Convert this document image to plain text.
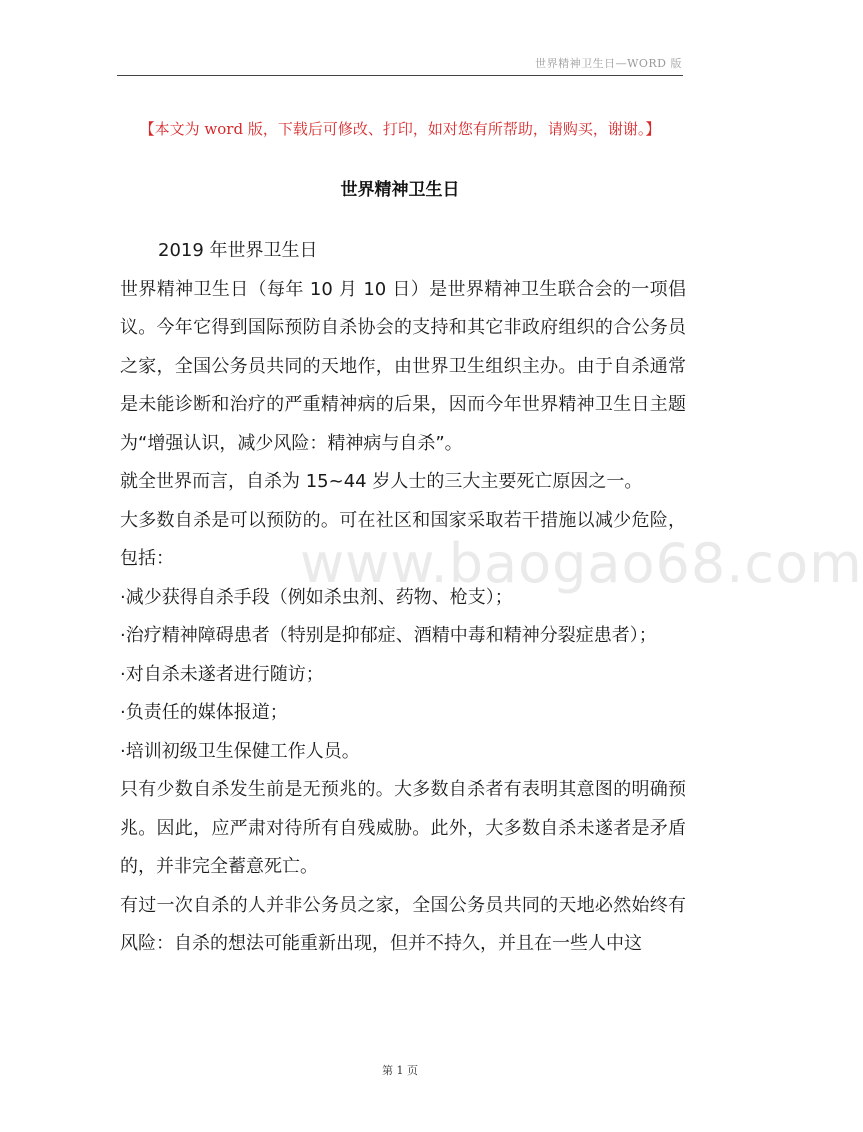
世界精神卫生日—WORD 版
【本文为 word 版，下载后可修改、打印，如对您有所帮助，请购买，谢谢。】
世界精神卫生日
www.baogao68.com

2019 年世界卫生日

世界精神卫生日（每年 10 月 10 日）是世界精神卫生联合会的一项倡议。今年它得到国际预防自杀协会的支持和其它非政府组织的合公务员之家，全国公务员共同的天地作，由世界卫生组织主办。由于自杀通常是未能诊断和治疗的严重精神病的后果，因而今年世界精神卫生日主题为“增强认识，减少风险：精神病与自杀”。

就全世界而言，自杀为 15~44 岁人士的三大主要死亡原因之一。

大多数自杀是可以预防的。可在社区和国家采取若干措施以减少危险，包括：

·减少获得自杀手段（例如杀虫剂、药物、枪支）；

·治疗精神障碍患者（特别是抑郁症、酒精中毒和精神分裂症患者）；

·对自杀未遂者进行随访；

·负责任的媒体报道；

·培训初级卫生保健工作人员。

只有少数自杀发生前是无预兆的。大多数自杀者有表明其意图的明确预兆。因此，应严肃对待所有自残威胁。此外，大多数自杀未遂者是矛盾的，并非完全蓄意死亡。

有过一次自杀的人并非公务员之家，全国公务员共同的天地必然始终有风险：自杀的想法可能重新出现，但并不持久，并且在一些人中这

第 1 页
